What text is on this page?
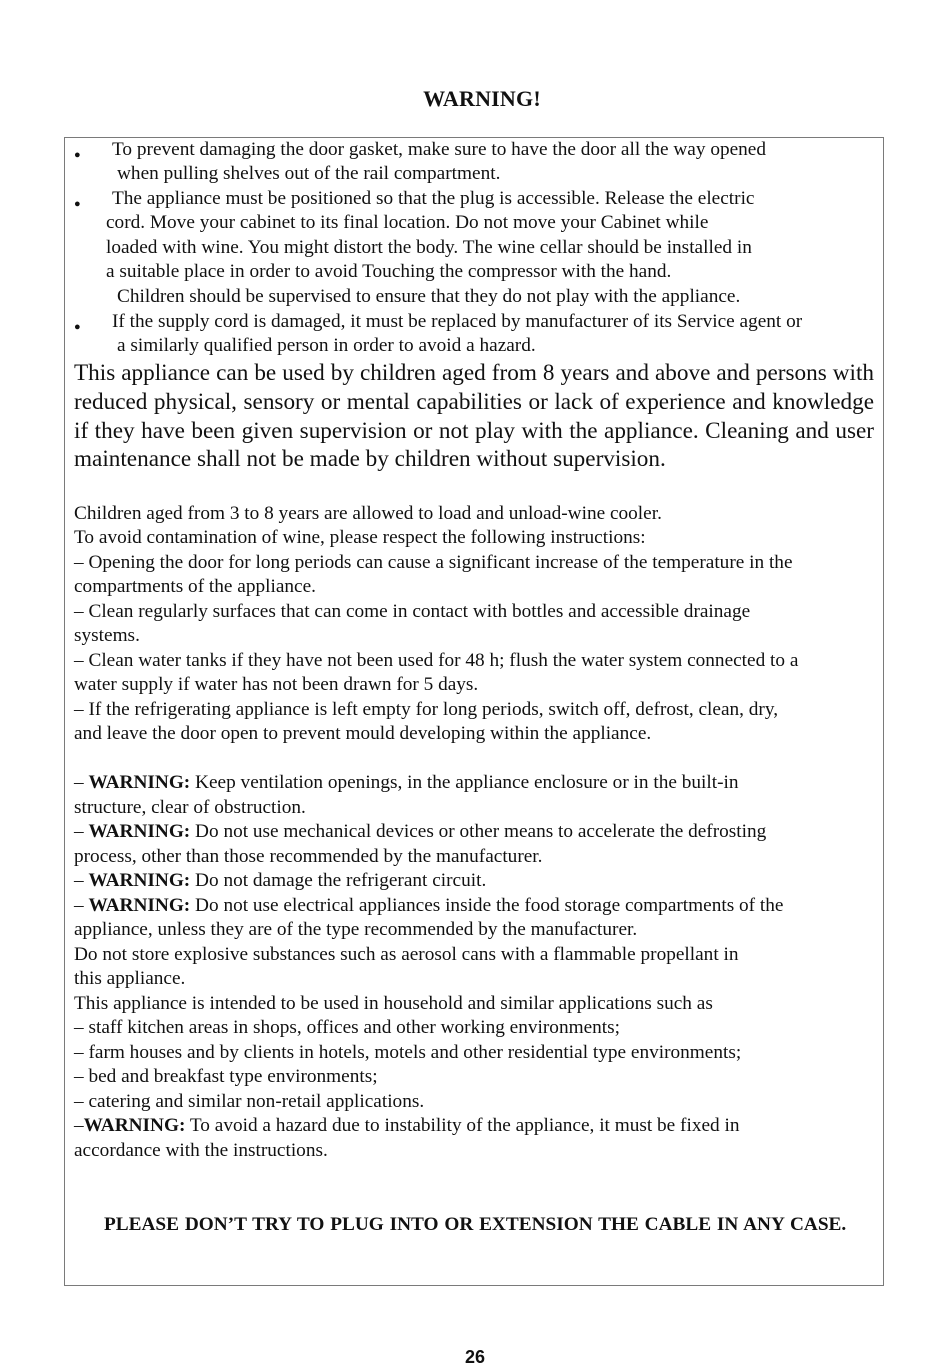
WARNING!
● To prevent damaging the door gasket, make sure to have the door all the way opened
when pulling shelves out of the rail compartment.
● The appliance must be positioned so that the plug is accessible. Release the electric
cord. Move your cabinet to its final location. Do not move your Cabinet while
loaded with wine. You might distort the body. The wine cellar should be installed in
a suitable place in order to avoid Touching the compressor with the hand.
Children should be supervised to ensure that they do not play with the appliance.
● If the supply cord is damaged, it must be replaced by manufacturer of its Service agent or
a similarly qualified person in order to avoid a hazard.
This appliance can be used by children aged from 8 years and above and persons with reduced physical, sensory or mental capabilities or lack of experience and knowledge if they have been given supervision or not play with the appliance. Cleaning and user maintenance shall not be made by children without supervision.
Children aged from 3 to 8 years are allowed to load and unload-wine cooler.
To avoid contamination of wine, please respect the following instructions:
– Opening the door for long periods can cause a significant increase of the temperature in the
compartments of the appliance.
– Clean regularly surfaces that can come in contact with bottles and accessible drainage
systems.
– Clean water tanks if they have not been used for 48 h; flush the water system connected to a
water supply if water has not been drawn for 5 days.
– If the refrigerating appliance is left empty for long periods, switch off, defrost, clean, dry,
and leave the door open to prevent mould developing within the appliance.
– WARNING: Keep ventilation openings, in the appliance enclosure or in the built-in
structure, clear of obstruction.
– WARNING: Do not use mechanical devices or other means to accelerate the defrosting
process, other than those recommended by the manufacturer.
– WARNING: Do not damage the refrigerant circuit.
– WARNING: Do not use electrical appliances inside the food storage compartments of the
appliance, unless they are of the type recommended by the manufacturer.
Do not store explosive substances such as aerosol cans with a flammable propellant in
this appliance.
This appliance is intended to be used in household and similar applications such as
– staff kitchen areas in shops, offices and other working environments;
– farm houses and by clients in hotels, motels and other residential type environments;
– bed and breakfast type environments;
– catering and similar non-retail applications.
–WARNING: To avoid a hazard due to instability of the appliance, it must be fixed in
accordance with the instructions.
PLEASE DON’T TRY TO PLUG INTO OR EXTENSION THE CABLE IN ANY CASE.
26
